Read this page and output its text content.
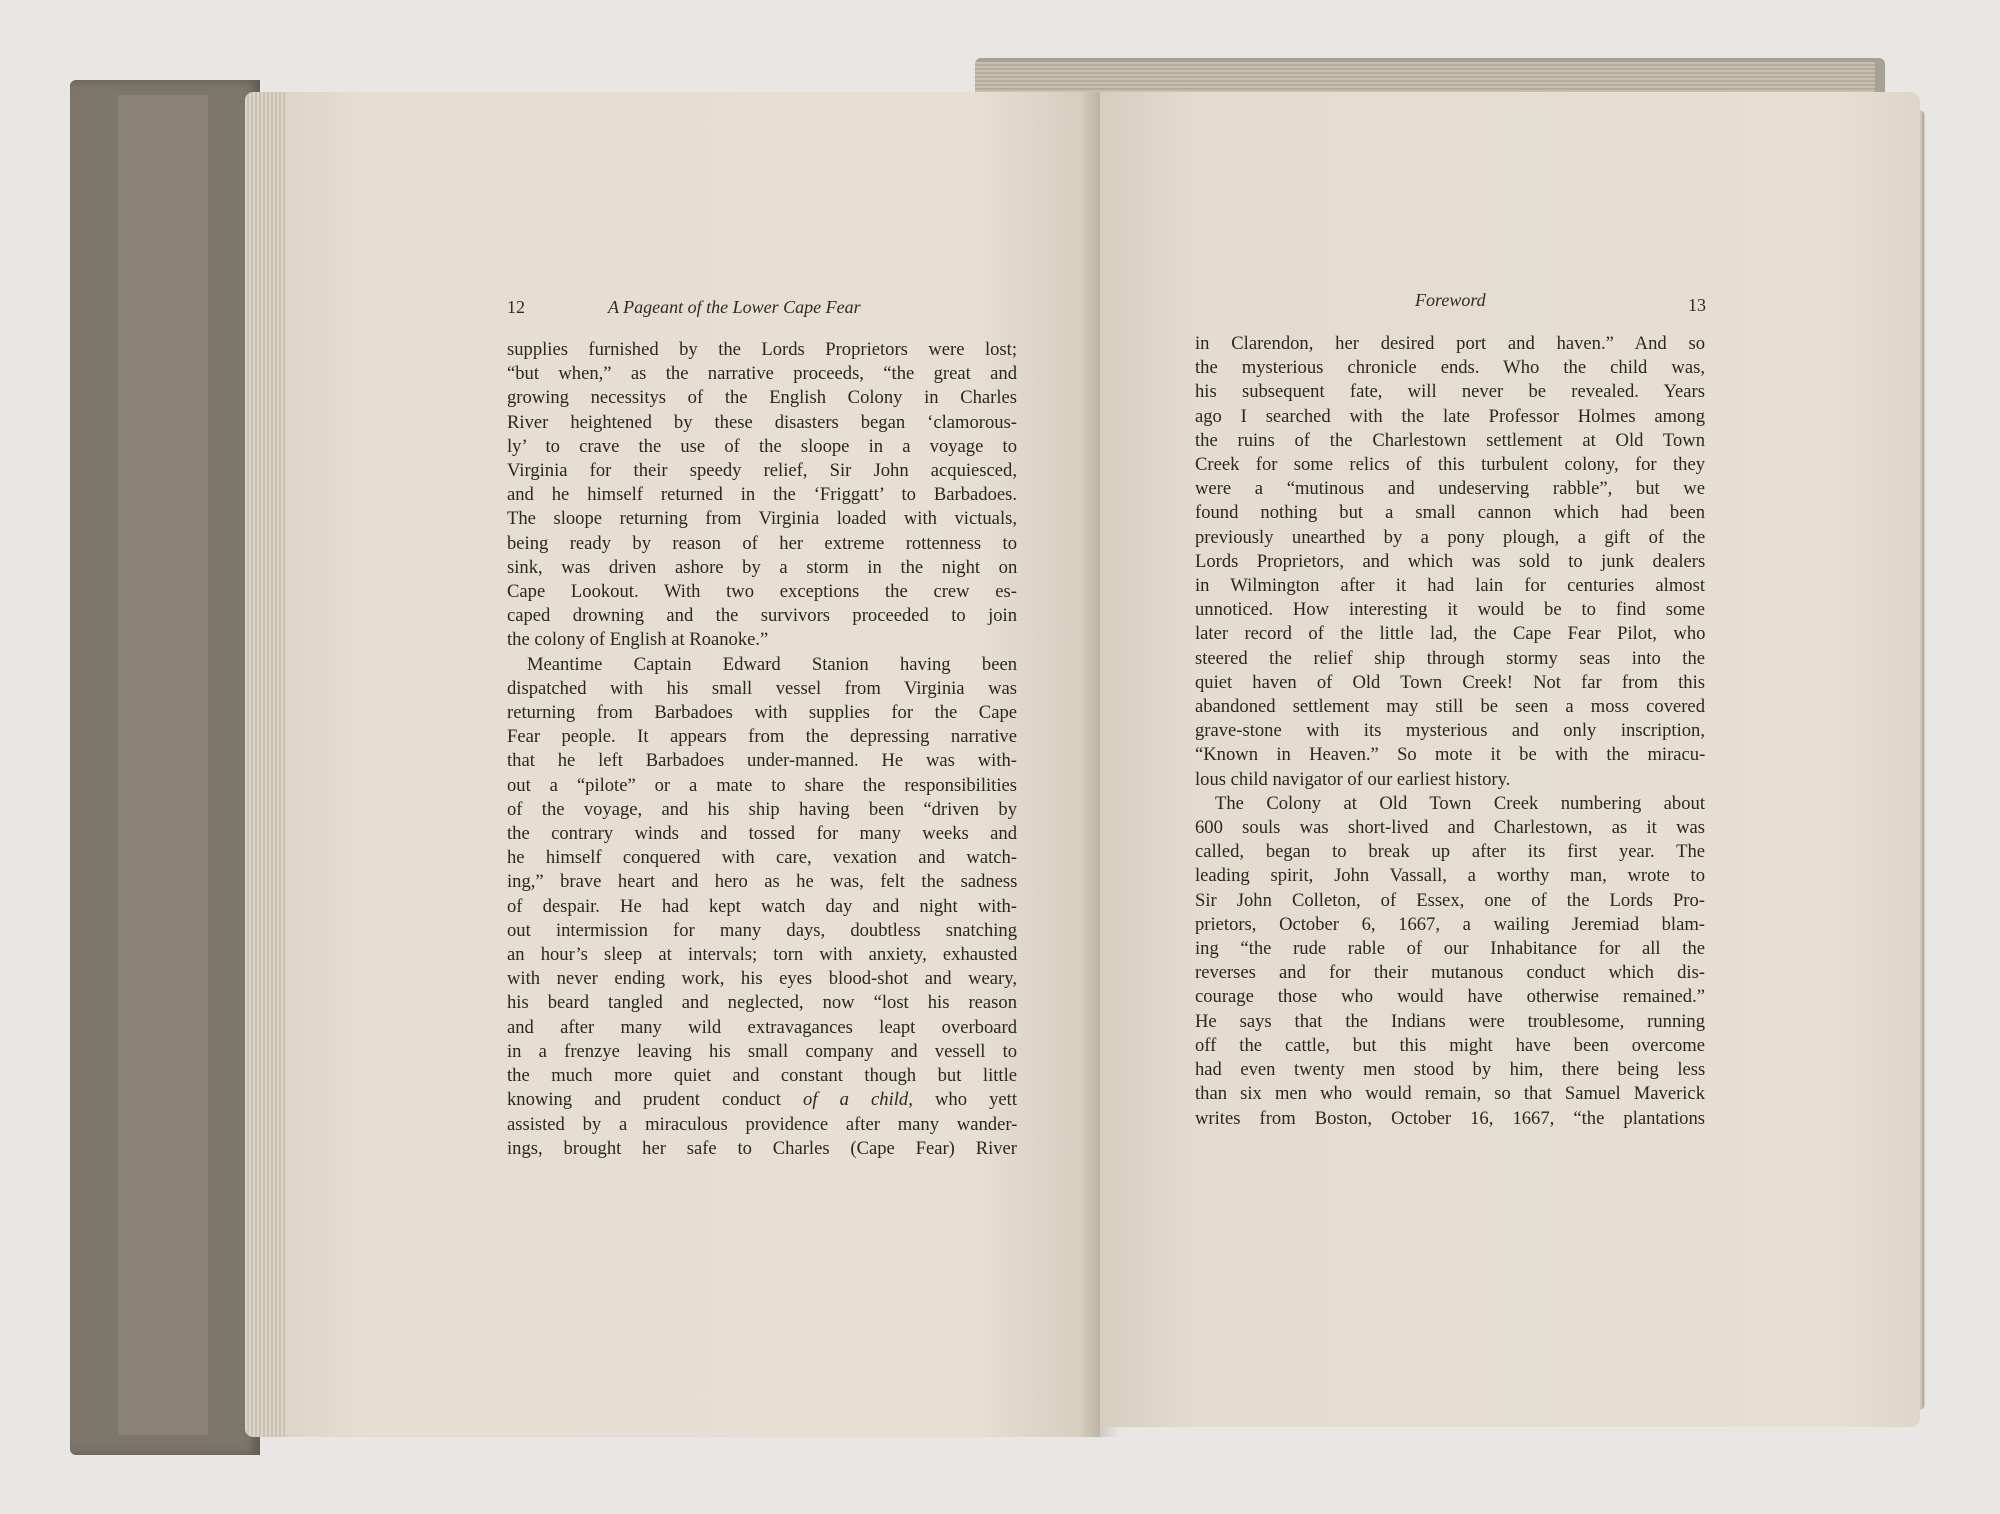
12	A Pageant of the Lower Cape Fear
supplies furnished by the Lords Proprietors were lost;
“but when,” as the narrative proceeds, “the great and
growing necessitys of the English Colony in Charles
River heightened by these disasters began ‘clamorous-
ly’ to crave the use of the sloope in a voyage to
Virginia for their speedy relief, Sir John acquiesced,
and he himself returned in the ‘Friggatt’ to Barbadoes.
The sloope returning from Virginia loaded with victuals,
being ready by reason of her extreme rottenness to
sink, was driven ashore by a storm in the night on
Cape Lookout. With two exceptions the crew es-
caped drowning and the survivors proceeded to join
the colony of English at Roanoke.”
Meantime Captain Edward Stanion having been
dispatched with his small vessel from Virginia was
returning from Barbadoes with supplies for the Cape
Fear people. It appears from the depressing narrative
that he left Barbadoes under-manned. He was with-
out a “pilote” or a mate to share the responsibilities
of the voyage, and his ship having been “driven by
the contrary winds and tossed for many weeks and
he himself conquered with care, vexation and watch-
ing,” brave heart and hero as he was, felt the sadness
of despair. He had kept watch day and night with-
out intermission for many days, doubtless snatching
an hour’s sleep at intervals; torn with anxiety, exhausted
with never ending work, his eyes blood-shot and weary,
his beard tangled and neglected, now “lost his reason
and after many wild extravagances leapt overboard
in a frenzye leaving his small company and vessell to
the much more quiet and constant though but little
knowing and prudent conduct of a child, who yett
assisted by a miraculous providence after many wander-
ings, brought her safe to Charles (Cape Fear) River
Foreword	13
in Clarendon, her desired port and haven.” And so
the mysterious chronicle ends. Who the child was,
his subsequent fate, will never be revealed. Years
ago I searched with the late Professor Holmes among
the ruins of the Charlestown settlement at Old Town
Creek for some relics of this turbulent colony, for they
were a “mutinous and undeserving rabble”, but we
found nothing but a small cannon which had been
previously unearthed by a pony plough, a gift of the
Lords Proprietors, and which was sold to junk dealers
in Wilmington after it had lain for centuries almost
unnoticed. How interesting it would be to find some
later record of the little lad, the Cape Fear Pilot, who
steered the relief ship through stormy seas into the
quiet haven of Old Town Creek! Not far from this
abandoned settlement may still be seen a moss covered
grave-stone with its mysterious and only inscription,
“Known in Heaven.” So mote it be with the miracu-
lous child navigator of our earliest history.
The Colony at Old Town Creek numbering about
600 souls was short-lived and Charlestown, as it was
called, began to break up after its first year. The
leading spirit, John Vassall, a worthy man, wrote to
Sir John Colleton, of Essex, one of the Lords Pro-
prietors, October 6, 1667, a wailing Jeremiad blam-
ing “the rude rable of our Inhabitance for all the
reverses and for their mutanous conduct which dis-
courage those who would have otherwise remained.”
He says that the Indians were troublesome, running
off the cattle, but this might have been overcome
had even twenty men stood by him, there being less
than six men who would remain, so that Samuel Maverick
writes from Boston, October 16, 1667, “the plantations
